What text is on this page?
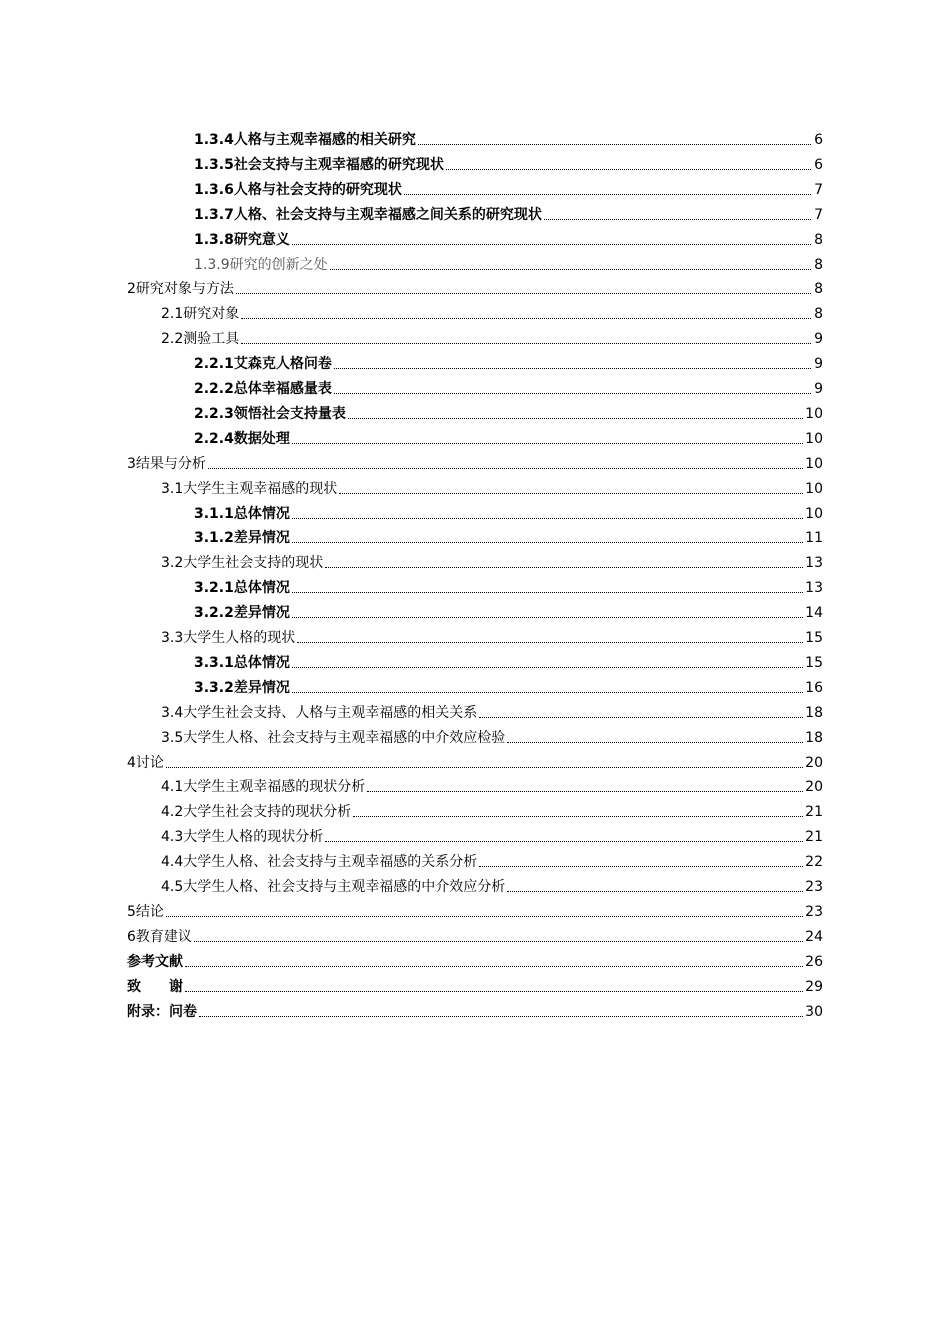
1.3.4人格与主观幸福感的相关研究	6
1.3.5社会支持与主观幸福感的研究现状	6
1.3.6人格与社会支持的研究现状	7
1.3.7人格、社会支持与主观幸福感之间关系的研究现状	7
1.3.8研究意义	8
1.3.9研究的创新之处	8
2研究对象与方法	8
2.1研究对象	8
2.2测验工具	9
2.2.1艾森克人格问卷	9
2.2.2总体幸福感量表	9
2.2.3领悟社会支持量表	10
2.2.4数据处理	10
3结果与分析	10
3.1大学生主观幸福感的现状	10
3.1.1总体情况	10
3.1.2差异情况	11
3.2大学生社会支持的现状	13
3.2.1总体情况	13
3.2.2差异情况	14
3.3大学生人格的现状	15
3.3.1总体情况	15
3.3.2差异情况	16
3.4大学生社会支持、人格与主观幸福感的相关关系	18
3.5大学生人格、社会支持与主观幸福感的中介效应检验	18
4讨论	20
4.1大学生主观幸福感的现状分析	20
4.2大学生社会支持的现状分析	21
4.3大学生人格的现状分析	21
4.4大学生人格、社会支持与主观幸福感的关系分析	22
4.5大学生人格、社会支持与主观幸福感的中介效应分析	23
5结论	23
6教育建议	24
参考文献	26
致　　谢	29
附录：问卷	30
